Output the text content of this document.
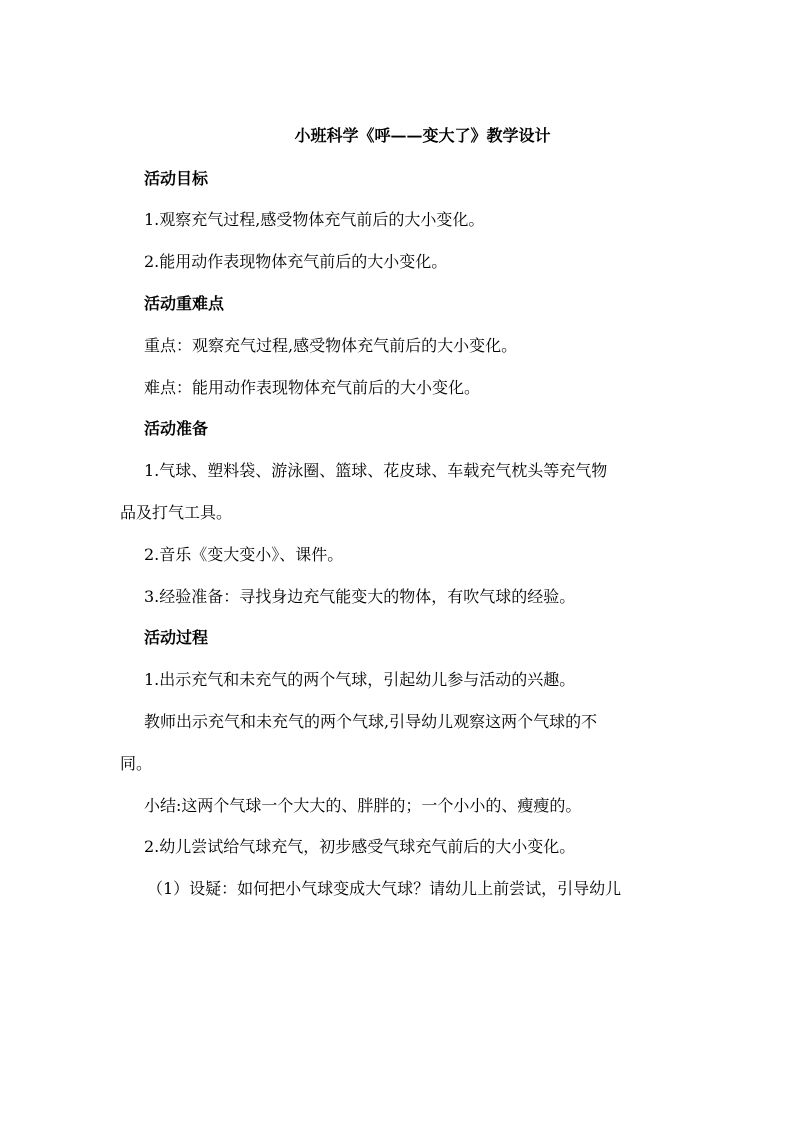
小班科学《呼——变大了》教学设计
活动目标
1.观察充气过程,感受物体充气前后的大小变化。
2.能用动作表现物体充气前后的大小变化。
活动重难点
重点：观察充气过程,感受物体充气前后的大小变化。
难点：能用动作表现物体充气前后的大小变化。
活动准备
1.气球、塑料袋、游泳圈、篮球、花皮球、车载充气枕头等充气物
品及打气工具。
2.音乐《变大变小》、课件。
3.经验准备：寻找身边充气能变大的物体，有吹气球的经验。
活动过程
1.出示充气和未充气的两个气球，引起幼儿参与活动的兴趣。
教师出示充气和未充气的两个气球,引导幼儿观察这两个气球的不
同。
小结:这两个气球一个大大的、胖胖的；一个小小的、瘦瘦的。
2.幼儿尝试给气球充气，初步感受气球充气前后的大小变化。
（1）设疑：如何把小气球变成大气球？请幼儿上前尝试，引导幼儿
